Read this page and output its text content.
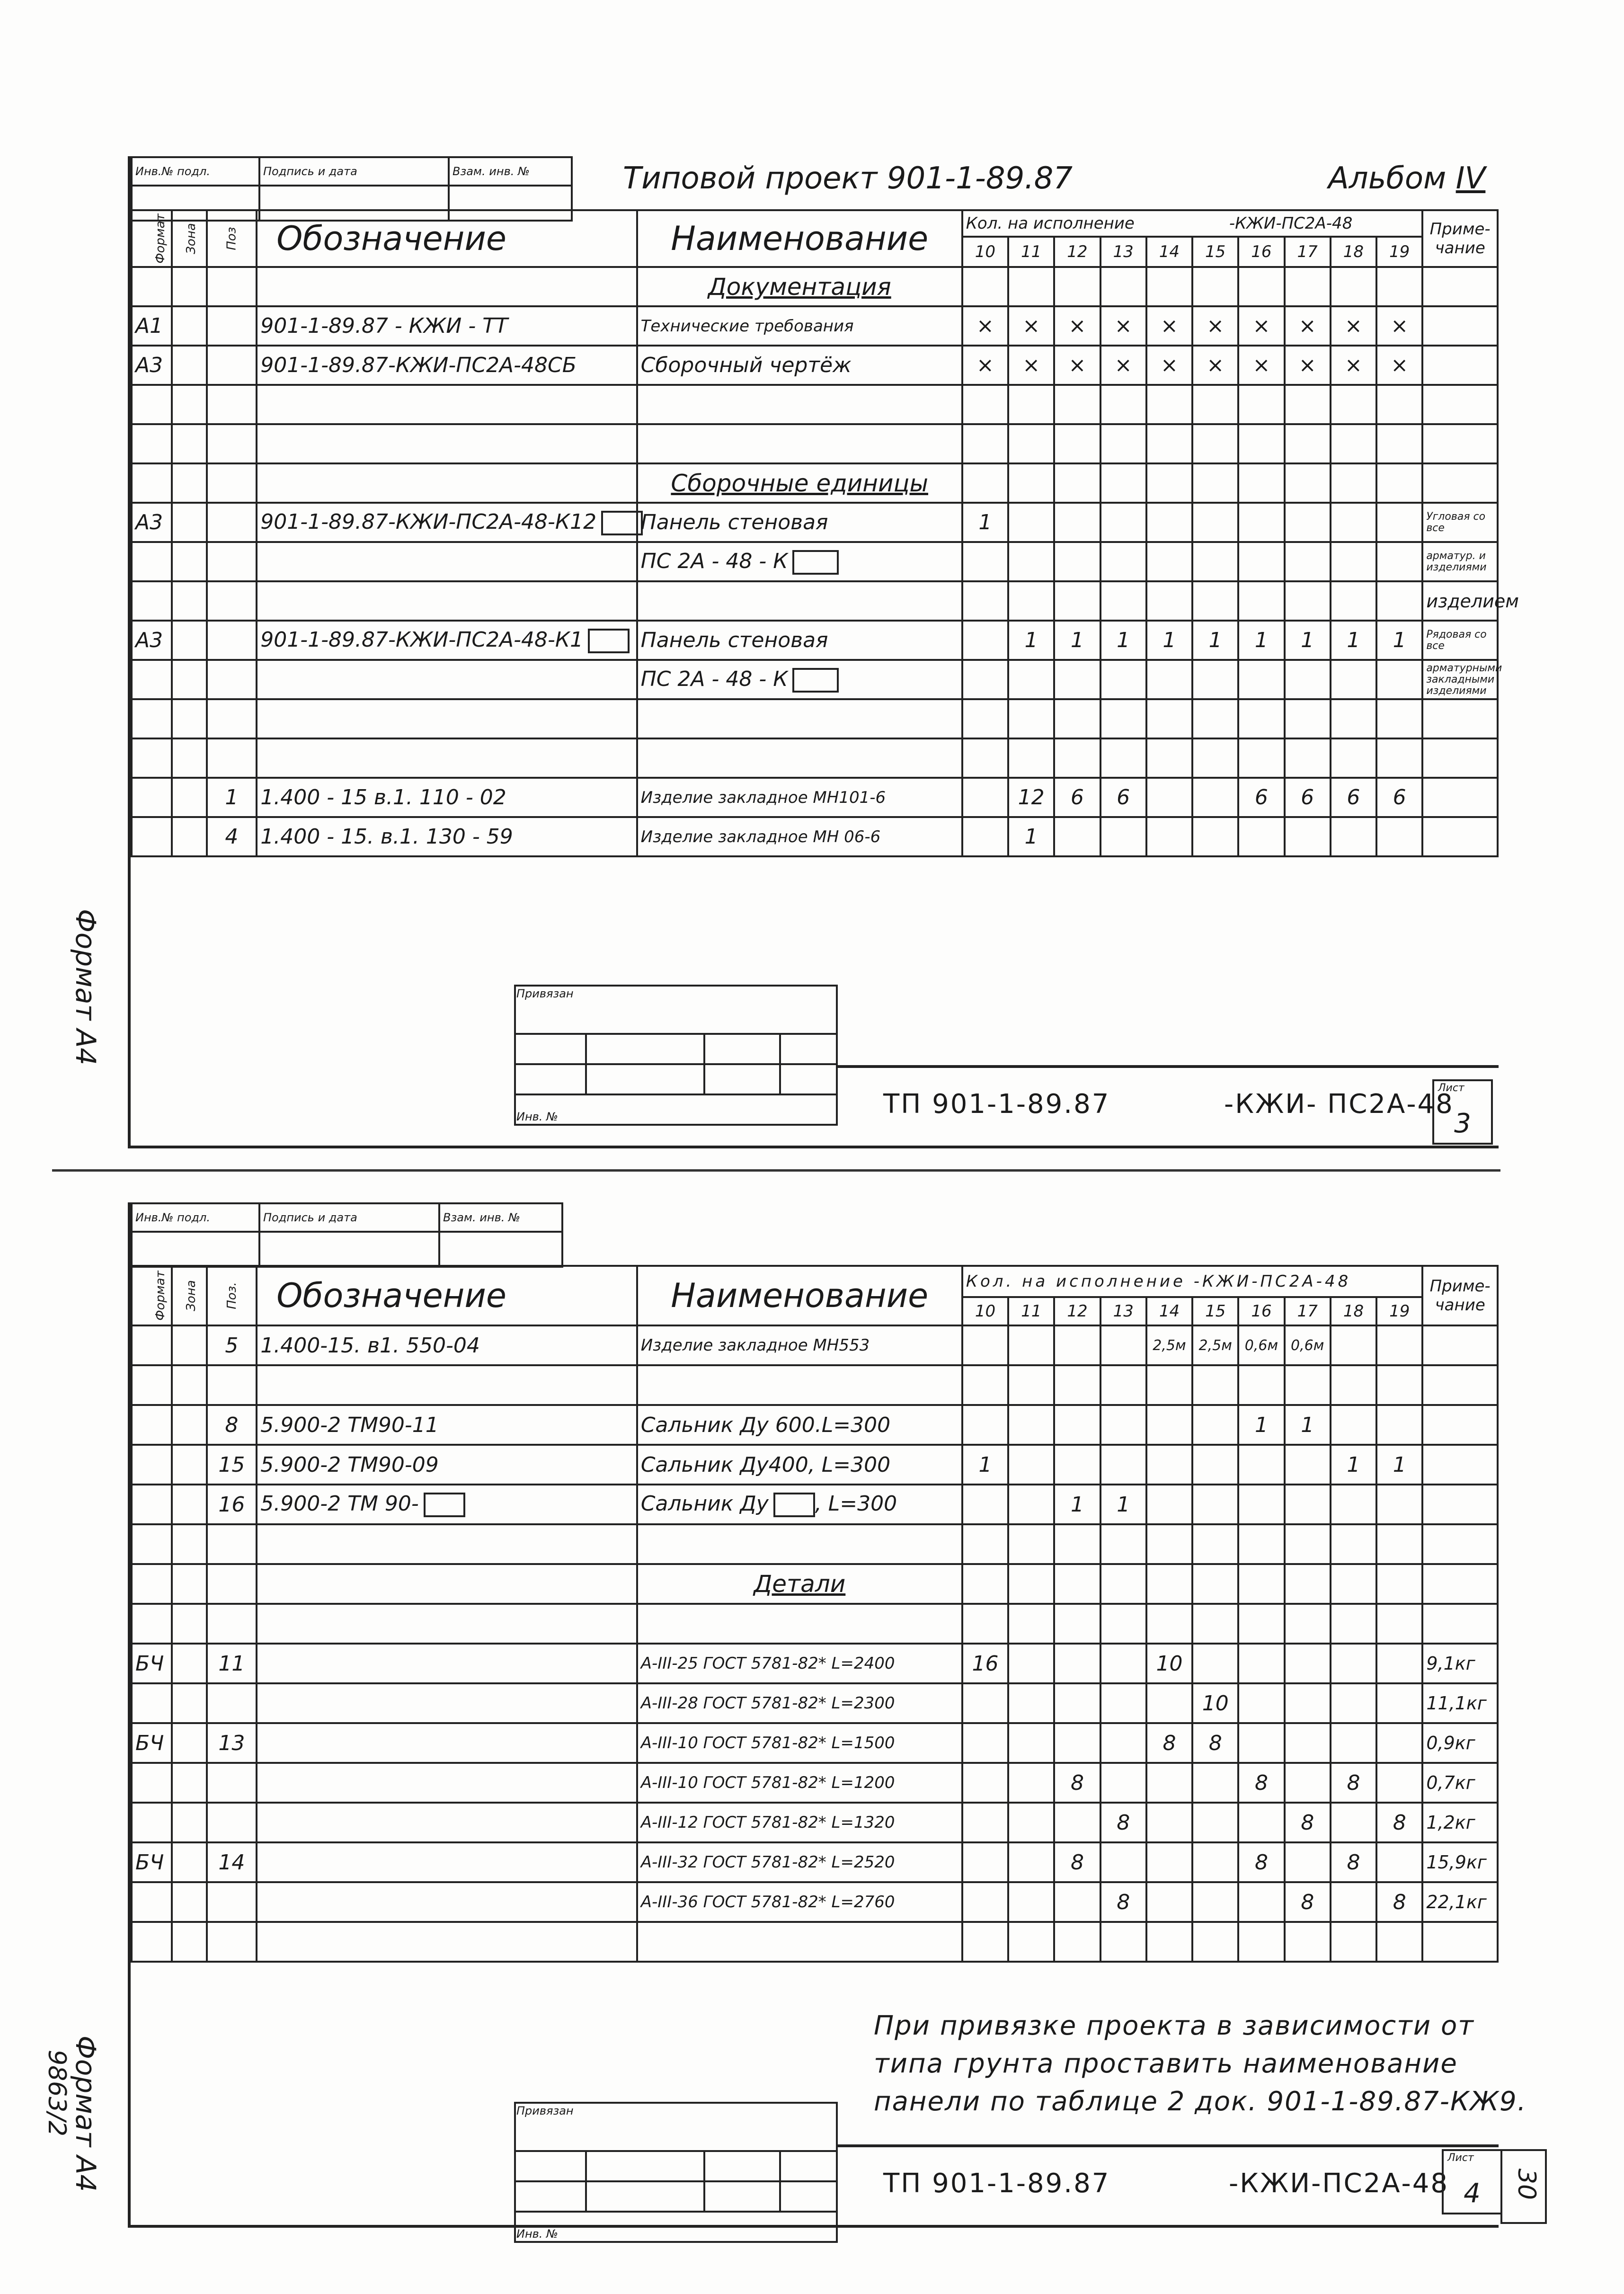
Инв.№ подл.	Подпись и дата	Взам. инв. №
			Типовой проект 901-1-89.87	Альбом IV
Формат	Зона	Поз	Обозначение	Наименование	Кол. на исполнение -КЖИ-ПС2А-48										Приме- чание
					10	11	12	13	14	15	16	17	18	19	
				Документация											
А1			901-1-89.87 - КЖИ - ТТ	Технические требования	×	×	×	×	×	×	×	×	×	×	
А3			901-1-89.87-КЖИ-ПС2А-48СБ	Сборочный чертёж	×	×	×	×	×	×	×	×	×	×	

				Сборочные единицы											
А3			901-1-89.87-КЖИ-ПС2А-48-К12	Панель стеновая	1										Угловая со все
				ПС 2А - 48 - К											арматур. и изделиями
															изделием
А3			901-1-89.87-КЖИ-ПС2А-48-К1	Панель стеновая		1	1	1	1	1	1	1	1	1	Рядовая со все
				ПС 2А - 48 - К											арматурными закладными изделиями

		1	1.400 - 15 в.1. 110 - 02	Изделие закладное МН101-6		12	6	6			6	6	6	6	
		4	1.400 - 15. в.1. 130 - 59	Изделие закладное МН 06-6		1									
Привязан			

Инв. №				ТП 901-1-89.87	-КЖИ- ПС2А-48
Лист
3
Формат А4
Инв.№ подл.	Подпись и дата	Взам. инв. №

Формат	Зона	Поз.	Обозначение	Наименование	Кол. на исполнение -КЖИ-ПС2А-48										Приме- чание
					10	11	12	13	14	15	16	17	18	19	
		5	1.400-15. в1. 550-04	Изделие закладное МН553					2,5м	2,5м	0,6м	0,6м			

		8	5.900-2 ТМ90-11	Сальник Ду 600.L=300							1	1			
		15	5.900-2 ТМ90-09	Сальник Ду400, L=300	1								1	1	
		16	5.900-2 ТМ 90-	Сальник Ду , L=300			1	1							

				Детали											

БЧ		11		А-III-25 ГОСТ 5781-82* L=2400	16				10						9,1кг
				А-III-28 ГОСТ 5781-82* L=2300						10					11,1кг
БЧ		13		А-III-10 ГОСТ 5781-82* L=1500					8	8					0,9кг
				А-III-10 ГОСТ 5781-82* L=1200			8				8		8		0,7кг
				А-III-12 ГОСТ 5781-82* L=1320				8				8		8	1,2кг
БЧ		14		А-III-32 ГОСТ 5781-82* L=2520			8				8		8		15,9кг
				А-III-36 ГОСТ 5781-82* L=2760				8				8		8	22,1кг

При привязке проекта в зависимости от типа грунта проставить наименование панели по таблице 2 док. 901-1-89.87-КЖ9.
Привязан			

Инв. №			
ТП 901-1-89.87	-КЖИ-ПС2А-48
Лист
4
Формат А4
9863/2
30
